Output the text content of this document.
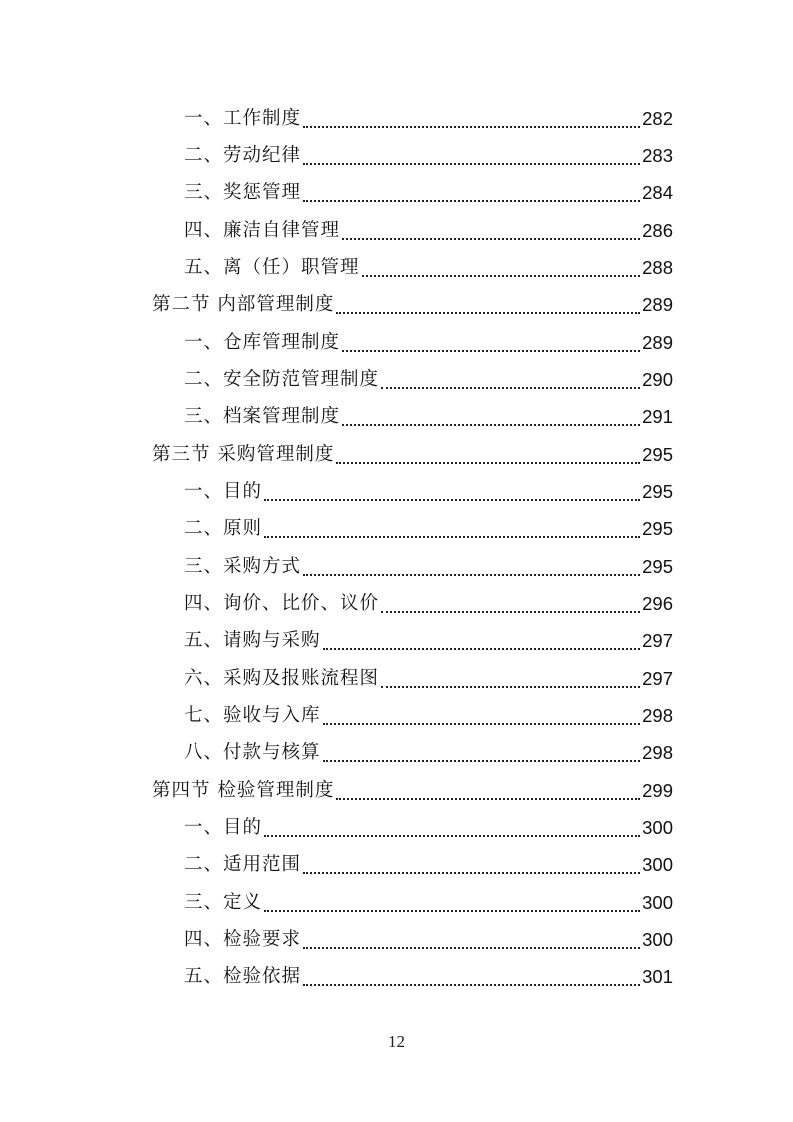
一、工作制度	282
二、劳动纪律	283
三、奖惩管理	284
四、廉洁自律管理	286
五、离（任）职管理	288
第二节 内部管理制度	289
一、仓库管理制度	289
二、安全防范管理制度	290
三、档案管理制度	291
第三节 采购管理制度	295
一、目的	295
二、原则	295
三、采购方式	295
四、询价、比价、议价	296
五、请购与采购	297
六、采购及报账流程图	297
七、验收与入库	298
八、付款与核算	298
第四节 检验管理制度	299
一、目的	300
二、适用范围	300
三、定义	300
四、检验要求	300
五、检验依据	301
12
